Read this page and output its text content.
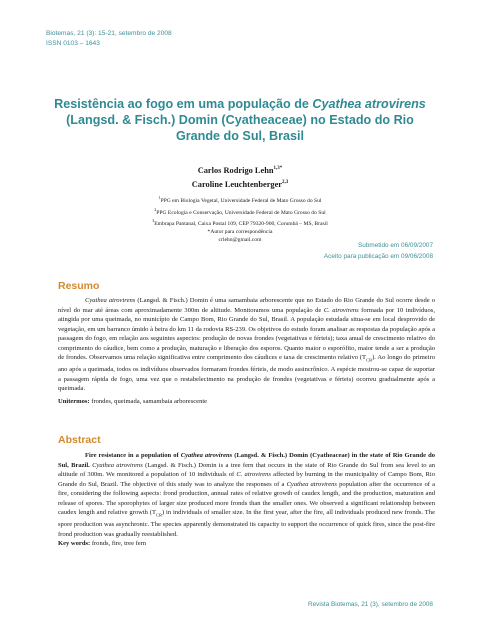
Biotemas, 21 (3): 15-21, setembro de 2008
ISSN 0103 – 1643
Resistência ao fogo em uma população de Cyathea atrovirens (Langsd. & Fisch.) Domin (Cyatheaceae) no Estado do Rio Grande do Sul, Brasil
Carlos Rodrigo Lehn$^{1,3*}$
Caroline Leuchtenberger$^{2,3}$
$^1$PPG em Biologia Vegetal, Universidade Federal de Mato Grosso do Sul
$^2$PPG Ecologia e Conservação, Universidade Federal de Mato Grosso do Sul
$^3$Embrapa Pantanal, Caixa Postal 109, CEP 79320-900, Corumbá – MS, Brasil
*Autor para correspondência
crlehn@gmail.com
Submetido em 06/09/2007
Aceito para publicação em 09/06/2008
Resumo

Cyathea atrovirens (Langsd. & Fisch.) Domin é uma samambaia arborescente que no Estado do Rio Grande do Sul ocorre desde o nível do mar até áreas com aproximadamente 300m de altitude. Monitoramos uma população de C. atrovirens formada por 10 indivíduos, atingida por uma queimada, no município de Campo Bom, Rio Grande do Sul, Brasil. A população estudada situa-se em local desprovido de vegetação, em um barranco úmido à beira do km 11 da rodovia RS-239. Os objetivos do estudo foram analisar as respostas da população após a passagem do fogo, em relação aos seguintes aspectos: produção de novas frondes (vegetativas e férteis); taxa anual de crescimento relativo do comprimento do cáudice, bem como a produção, maturação e liberação dos esporos. Quanto maior o esporófito, maior tende a ser a produção de frondes. Observamos uma relação significativa entre comprimento dos cáudices e taxa de crescimento relativo $(T_{CR})$. Ao longo do primeiro ano após a queimada, todos os indivíduos observados formaram frondes férteis, de modo assincrônico. A espécie mostrou-se capaz de suportar a passagem rápida de fogo, uma vez que o restabelecimento na produção de frondes (vegetativas e férteis) ocorreu gradualmente após a queimada.

Unitermos: frondes, queimada, samambaia arborescente

Abstract

Fire resistance in a population of Cyathea atrovirens (Langsd. & Fisch.) Domin (Cyatheaceae) in the state of Rio Grande do Sul, Brazil. Cyathea atrovirens (Langsd. & Fisch.) Domin is a tree fern that occurs in the state of Rio Grande do Sul from sea level to an altitude of 300m. We monitored a population of 10 individuals of C. atrovirens affected by burning in the municipality of Campo Bom, Rio Grande do Sul, Brazil. The objective of this study was to analyze the responses of a Cyathea atrovirens population after the occurrence of a fire, considering the following aspects: frond production, annual rates of relative growth of caudex length, and the production, maturation and release of spores. The sporophytes of larger size produced more fronds than the smaller ones. We observed a significant relationship between caudex length and relative growth $(T_{CR})$ in individuals of smaller size. In the first year, after the fire, all individuals produced new fronds. The spore production was asynchronic. The species apparently demonstrated its capacity to support the occurrence of quick fires, since the post-fire frond production was gradually reestablished.

Key words: fronds, fire, tree fern

Revista Biotemas, 21 (3), setembro de 2008
